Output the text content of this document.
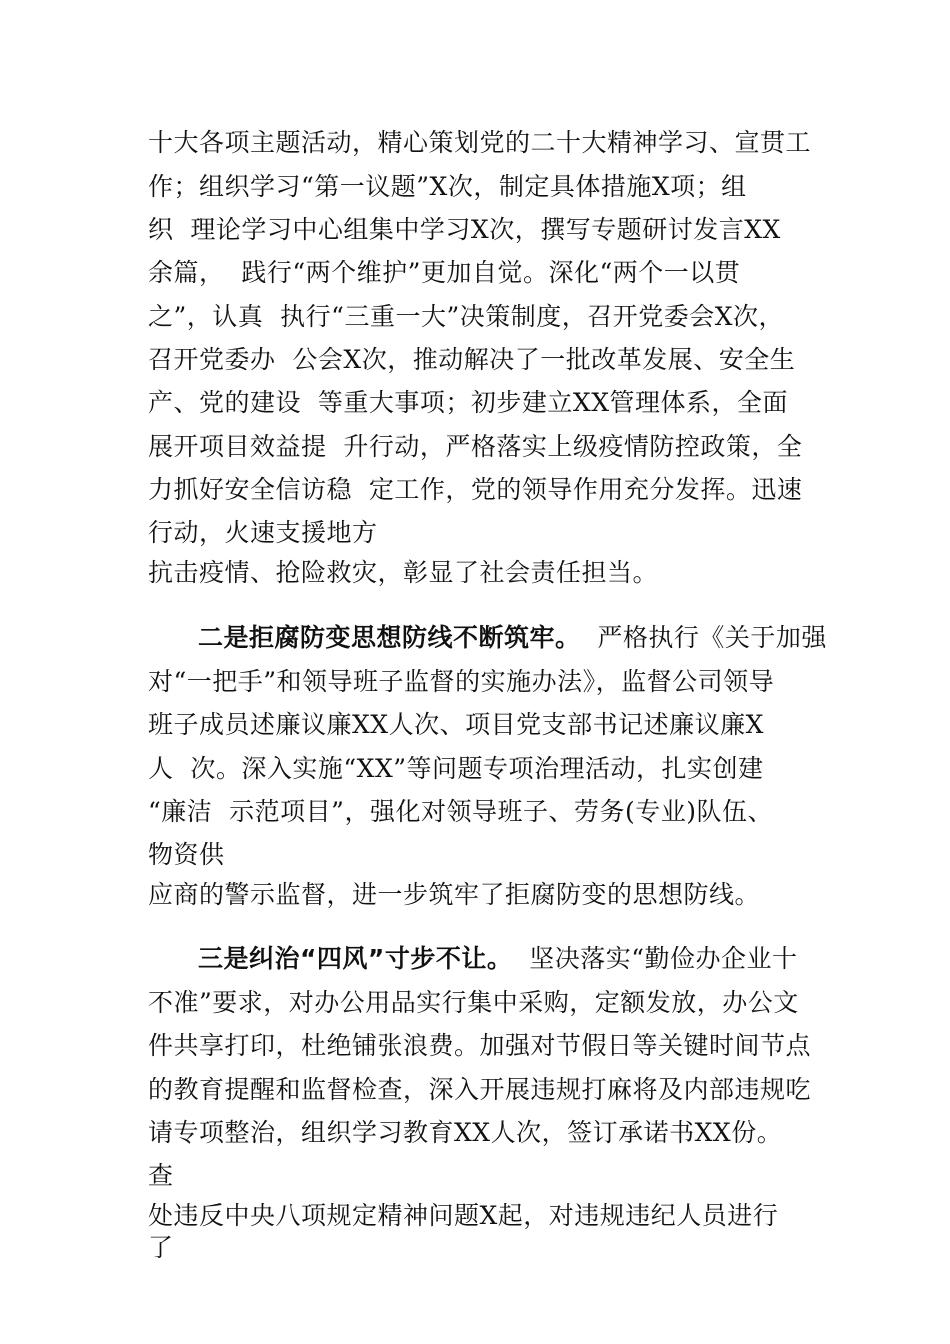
十大各项主题活动，精心策划党的二十大精神学习、宣贯工
作；组织学习“第一议题”X次，制定具体措施X项；组
织  理论学习中心组集中学习X次，撰写专题研讨发言XX
余篇，  践行“两个维护”更加自觉。深化“两个一以贯
之”，认真  执行“三重一大”决策制度，召开党委会X次，
召开党委办  公会X次，推动解决了一批改革发展、安全生
产、党的建设  等重大事项；初步建立XX管理体系，全面
展开项目效益提  升行动，严格落实上级疫情防控政策，全
力抓好安全信访稳  定工作，党的领导作用充分发挥。迅速
行动，火速支援地方
抗击疫情、抢险救灾，彰显了社会责任担当。
二是拒腐防变思想防线不断筑牢。  严格执行《关于加强
对“一把手”和领导班子监督的实施办法》，监督公司领导
班子成员述廉议廉XX人次、项目党支部书记述廉议廉X
人  次。深入实施“XX”等问题专项治理活动，扎实创建
“廉洁  示范项目”，强化对领导班子、劳务(专业)队伍、
物资供
应商的警示监督，进一步筑牢了拒腐防变的思想防线。
三是纠治“四风”寸步不让。  坚决落实“勤俭办企业十
不准”要求，对办公用品实行集中采购，定额发放，办公文
件共享打印，杜绝铺张浪费。加强对节假日等关键时间节点
的教育提醒和监督检查，深入开展违规打麻将及内部违规吃
请专项整治，组织学习教育XX人次，签订承诺书XX份。
查
处违反中央八项规定精神问题X起，对违规违纪人员进行
了
